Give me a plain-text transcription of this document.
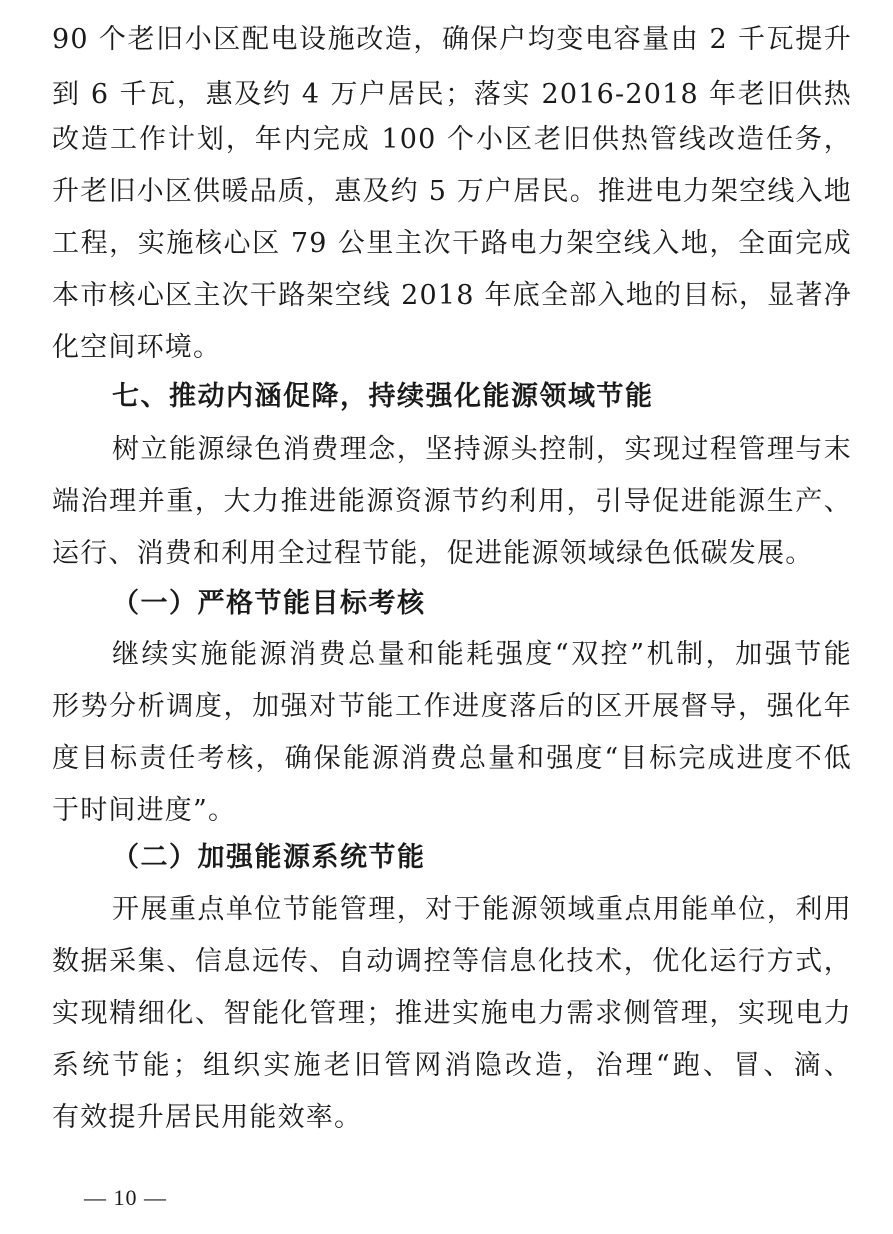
90 个老旧小区配电设施改造，确保户均变电容量由 2 千瓦提升
到 6 千瓦，惠及约 4 万户居民；落实 2016-2018 年老旧供热
改造工作计划，年内完成 100 个小区老旧供热管线改造任务，
升老旧小区供暖品质，惠及约 5 万户居民。推进电力架空线入地
工程，实施核心区 79 公里主次干路电力架空线入地，全面完成
本市核心区主次干路架空线 2018 年底全部入地的目标，显著净
化空间环境。
七、推动内涵促降，持续强化能源领域节能
树立能源绿色消费理念，坚持源头控制，实现过程管理与末
端治理并重，大力推进能源资源节约利用，引导促进能源生产、
运行、消费和利用全过程节能，促进能源领域绿色低碳发展。
（一）严格节能目标考核
继续实施能源消费总量和能耗强度“双控”机制，加强节能
形势分析调度，加强对节能工作进度落后的区开展督导，强化年
度目标责任考核，确保能源消费总量和强度“目标完成进度不低
于时间进度”。
（二）加强能源系统节能
开展重点单位节能管理，对于能源领域重点用能单位，利用
数据采集、信息远传、自动调控等信息化技术，优化运行方式，
实现精细化、智能化管理；推进实施电力需求侧管理，实现电力
系统节能；组织实施老旧管网消隐改造，治理“跑、冒、滴、
有效提升居民用能效率。
— 10 —
